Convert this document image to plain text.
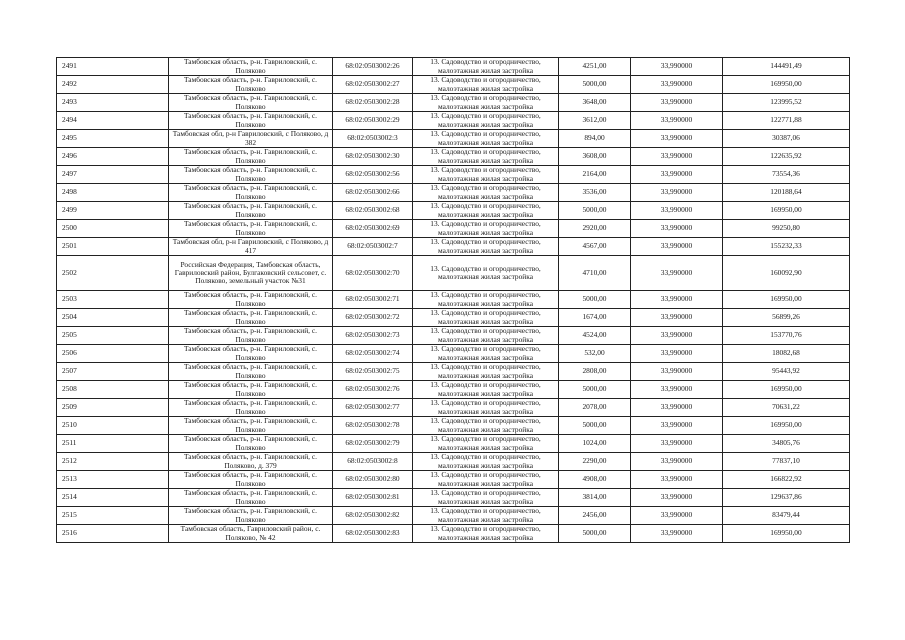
2491	Тамбовская область, р-н. Гавриловский, с. Поляково	68:02:0503002:26	13. Садоводство и огородничество, малоэтажная жилая застройка	4251,00	33,990000	144491,49
2492	Тамбовская область, р-н. Гавриловский, с. Поляково	68:02:0503002:27	13. Садоводство и огородничество, малоэтажная жилая застройка	5000,00	33,990000	169950,00
2493	Тамбовская область, р-н. Гавриловский, с. Поляково	68:02:0503002:28	13. Садоводство и огородничество, малоэтажная жилая застройка	3648,00	33,990000	123995,52
2494	Тамбовская область, р-н. Гавриловский, с. Поляково	68:02:0503002:29	13. Садоводство и огородничество, малоэтажная жилая застройка	3612,00	33,990000	122771,88
2495	Тамбовская обл, р-н Гавриловский, с Поляково, д 382	68:02:0503002:3	13. Садоводство и огородничество, малоэтажная жилая застройка	894,00	33,990000	30387,06
2496	Тамбовская область, р-н. Гавриловский, с. Поляково	68:02:0503002:30	13. Садоводство и огородничество, малоэтажная жилая застройка	3608,00	33,990000	122635,92
2497	Тамбовская область, р-н. Гавриловский, с. Поляково	68:02:0503002:56	13. Садоводство и огородничество, малоэтажная жилая застройка	2164,00	33,990000	73554,36
2498	Тамбовская область, р-н. Гавриловский, с. Поляково	68:02:0503002:66	13. Садоводство и огородничество, малоэтажная жилая застройка	3536,00	33,990000	120188,64
2499	Тамбовская область, р-н. Гавриловский, с. Поляково	68:02:0503002:68	13. Садоводство и огородничество, малоэтажная жилая застройка	5000,00	33,990000	169950,00
2500	Тамбовская область, р-н. Гавриловский, с. Поляково	68:02:0503002:69	13. Садоводство и огородничество, малоэтажная жилая застройка	2920,00	33,990000	99250,80
2501	Тамбовская обл, р-н Гавриловский, с Поляково, д 417	68:02:0503002:7	13. Садоводство и огородничество, малоэтажная жилая застройка	4567,00	33,990000	155232,33
2502	Российская Федерация, Тамбовская область, Гавриловский район, Булгаковский сельсовет, с. Поляково, земельный участок №31	68:02:0503002:70	13. Садоводство и огородничество, малоэтажная жилая застройка	4710,00	33,990000	160092,90
2503	Тамбовская область, р-н. Гавриловский, с. Поляково	68:02:0503002:71	13. Садоводство и огородничество, малоэтажная жилая застройка	5000,00	33,990000	169950,00
2504	Тамбовская область, р-н. Гавриловский, с. Поляково	68:02:0503002:72	13. Садоводство и огородничество, малоэтажная жилая застройка	1674,00	33,990000	56899,26
2505	Тамбовская область, р-н. Гавриловский, с. Поляково	68:02:0503002:73	13. Садоводство и огородничество, малоэтажная жилая застройка	4524,00	33,990000	153770,76
2506	Тамбовская область, р-н. Гавриловский, с. Поляково	68:02:0503002:74	13. Садоводство и огородничество, малоэтажная жилая застройка	532,00	33,990000	18082,68
2507	Тамбовская область, р-н. Гавриловский, с. Поляково	68:02:0503002:75	13. Садоводство и огородничество, малоэтажная жилая застройка	2808,00	33,990000	95443,92
2508	Тамбовская область, р-н. Гавриловский, с. Поляково	68:02:0503002:76	13. Садоводство и огородничество, малоэтажная жилая застройка	5000,00	33,990000	169950,00
2509	Тамбовская область, р-н. Гавриловский, с. Поляково	68:02:0503002:77	13. Садоводство и огородничество, малоэтажная жилая застройка	2078,00	33,990000	70631,22
2510	Тамбовская область, р-н. Гавриловский, с. Поляково	68:02:0503002:78	13. Садоводство и огородничество, малоэтажная жилая застройка	5000,00	33,990000	169950,00
2511	Тамбовская область, р-н. Гавриловский, с. Поляково	68:02:0503002:79	13. Садоводство и огородничество, малоэтажная жилая застройка	1024,00	33,990000	34805,76
2512	Тамбовская область, р-н. Гавриловский, с. Поляково, д. 379	68:02:0503002:8	13. Садоводство и огородничество, малоэтажная жилая застройка	2290,00	33,990000	77837,10
2513	Тамбовская область, р-н. Гавриловский, с. Поляково	68:02:0503002:80	13. Садоводство и огородничество, малоэтажная жилая застройка	4908,00	33,990000	166822,92
2514	Тамбовская область, р-н. Гавриловский, с. Поляково	68:02:0503002:81	13. Садоводство и огородничество, малоэтажная жилая застройка	3814,00	33,990000	129637,86
2515	Тамбовская область, р-н. Гавриловский, с. Поляково	68:02:0503002:82	13. Садоводство и огородничество, малоэтажная жилая застройка	2456,00	33,990000	83479,44
2516	Тамбовская область, Гавриловский район, с. Поляково, № 42	68:02:0503002:83	13. Садоводство и огородничество, малоэтажная жилая застройка	5000,00	33,990000	169950,00
